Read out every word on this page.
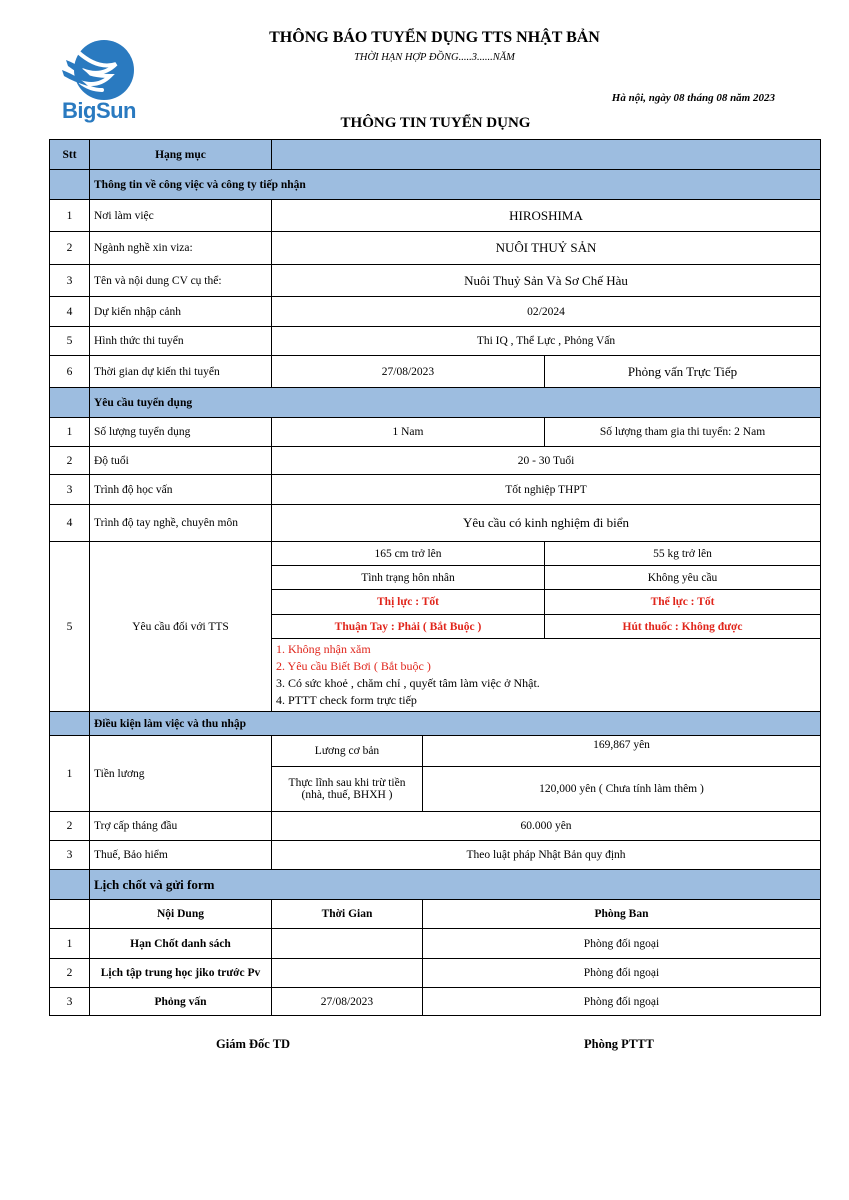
BigSun
THÔNG BÁO TUYỂN DỤNG TTS NHẬT BẢN
THỜI HẠN HỢP ĐỒNG.....3......NĂM
Hà nội, ngày 08 tháng 08 năm 2023
THÔNG TIN TUYỂN DỤNG
Stt	Hạng mục			
	Thông tin về công việc và công ty tiếp nhận			
1	Nơi làm việc	HIROSHIMA		
2	Ngành nghề xin viza:	NUÔI THUỶ SẢN		
3	Tên và nội dung CV cụ thể:	Nuôi Thuỷ Sản Và Sơ Chế Hàu		
4	Dự kiến nhập cảnh	02/2024		
5	Hình thức thi tuyển	Thi IQ , Thể Lực , Phỏng Vấn		
6	Thời gian dự kiến thi tuyển	27/08/2023		Phỏng vấn Trực Tiếp
	Yêu cầu tuyển dụng			
1	Số lượng tuyển dụng	1 Nam		Số lượng tham gia thi tuyển: 2 Nam
2	Độ tuổi	20 - 30 Tuổi		
3	Trình độ học vấn	Tốt nghiệp THPT		
4	Trình độ tay nghề, chuyên môn	Yêu cầu có kinh nghiệm đi biển		
5	Yêu cầu đối với TTS	165 cm trở lên		55 kg trở lên
		Tình trạng hôn nhân		Không yêu cầu
		Thị lực : Tốt		Thể lực : Tốt
		Thuận Tay : Phải ( Bắt Buộc )		Hút thuốc : Không được

		1. Không nhận xăm
2. Yêu cầu Biết Bơi ( Bắt buộc )
3. Có sức khoẻ , chăm chỉ , quyết tâm làm việc ở Nhật.
4. PTTT check form trực tiếp		

	Điều kiện làm việc và thu nhập			
1	Tiền lương	Lương cơ bản	169,867 yên	
		Thực lĩnh sau khi trừ tiền (nhà, thuế, BHXH )	120,000 yên ( Chưa tính làm thêm )	
2	Trợ cấp tháng đầu	60.000 yên		
3	Thuế, Bảo hiểm	Theo luật pháp Nhật Bản quy định		
	Lịch chốt và gửi form			
	Nội Dung	Thời Gian	Phòng Ban	
1	Hạn Chốt danh sách		Phòng đối ngoại	
2	Lịch tập trung học jiko trước Pv		Phòng đối ngoại	
3	Phỏng vấn	27/08/2023	Phòng đối ngoại	
Giám Đốc TD	Phòng PTTT
